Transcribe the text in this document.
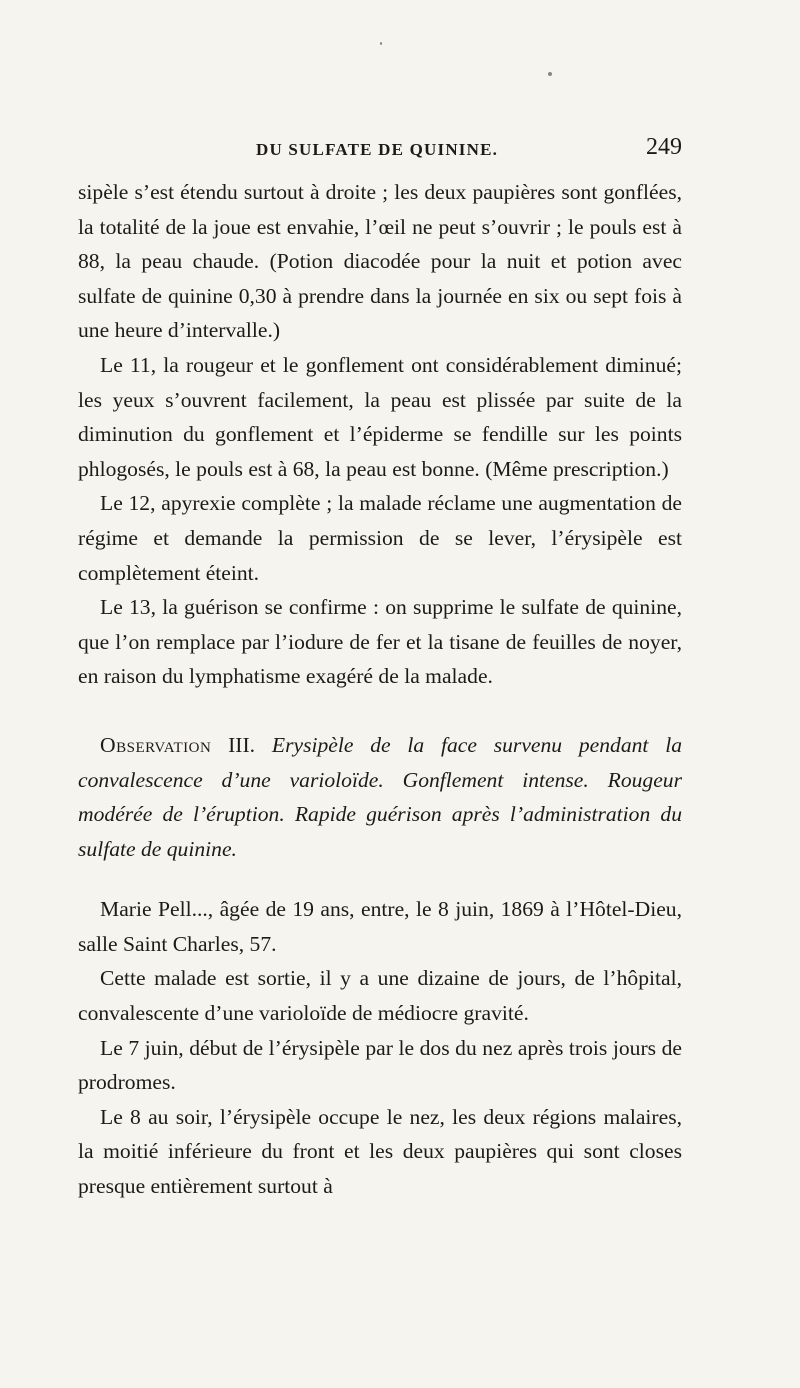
DU SULFATE DE QUININE.	249

sipèle s’est étendu surtout à droite ; les deux paupières sont gonflées, la totalité de la joue est envahie, l’œil ne peut s’ouvrir ; le pouls est à 88, la peau chaude. (Potion diacodée pour la nuit et potion avec sulfate de quinine 0,30 à prendre dans la journée en six ou sept fois à une heure d’intervalle.)

Le 11, la rougeur et le gonflement ont considérablement diminué; les yeux s’ouvrent facilement, la peau est plissée par suite de la diminution du gonflement et l’épiderme se fendille sur les points phlogosés, le pouls est à 68, la peau est bonne. (Même prescription.)

Le 12, apyrexie complète ; la malade réclame une augmentation de régime et demande la permission de se lever, l’érysipèle est complètement éteint.

Le 13, la guérison se confirme : on supprime le sulfate de quinine, que l’on remplace par l’iodure de fer et la tisane de feuilles de noyer, en raison du lymphatisme exagéré de la malade.

Observation III. Erysipèle de la face survenu pendant la convalescence d’une varioloïde. Gonflement intense. Rougeur modérée de l’éruption. Rapide guérison après l’administration du sulfate de quinine.

Marie Pell..., âgée de 19 ans, entre, le 8 juin, 1869 à l’Hôtel-Dieu, salle Saint Charles, 57.

Cette malade est sortie, il y a une dizaine de jours, de l’hôpital, convalescente d’une varioloïde de médiocre gravité.

Le 7 juin, début de l’érysipèle par le dos du nez après trois jours de prodromes.

Le 8 au soir, l’érysipèle occupe le nez, les deux régions malaires, la moitié inférieure du front et les deux paupières qui sont closes presque entièrement surtout à
